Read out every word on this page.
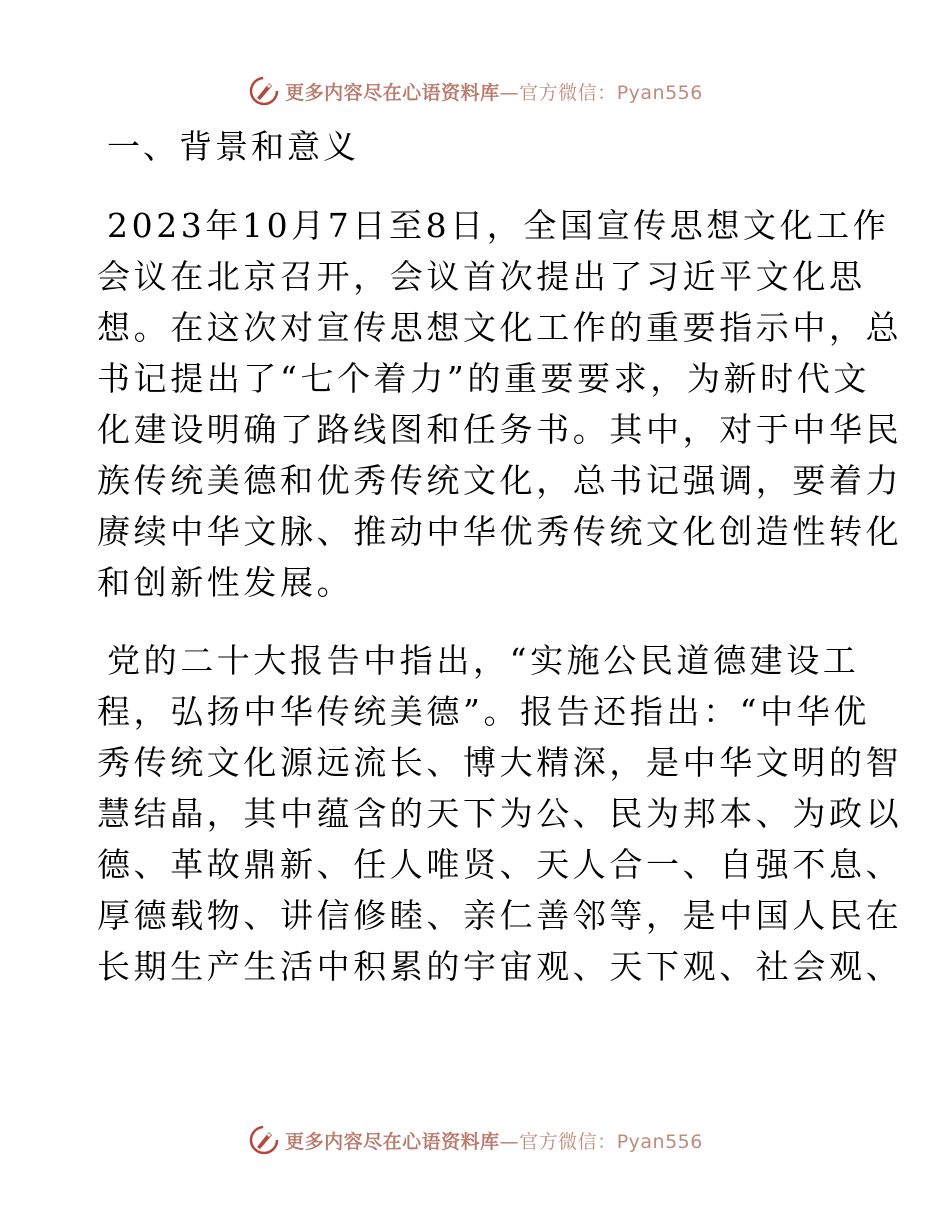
更多内容尽在心语资料库—官方微信：Pyan556
一、背景和意义

2023年10月7日至8日，全国宣传思想文化工作
会议在北京召开，会议首次提出了习近平文化思
想。在这次对宣传思想文化工作的重要指示中，总
书记提出了“七个着力”的重要要求，为新时代文
化建设明确了路线图和任务书。其中，对于中华民
族传统美德和优秀传统文化，总书记强调，要着力
赓续中华文脉、推动中华优秀传统文化创造性转化
和创新性发展。

党的二十大报告中指出，“实施公民道德建设工
程，弘扬中华传统美德”。报告还指出：“中华优
秀传统文化源远流长、博大精深，是中华文明的智
慧结晶，其中蕴含的天下为公、民为邦本、为政以
德、革故鼎新、任人唯贤、天人合一、自强不息、
厚德载物、讲信修睦、亲仁善邻等，是中国人民在
长期生产生活中积累的宇宙观、天下观、社会观、

更多内容尽在心语资料库—官方微信：Pyan556
